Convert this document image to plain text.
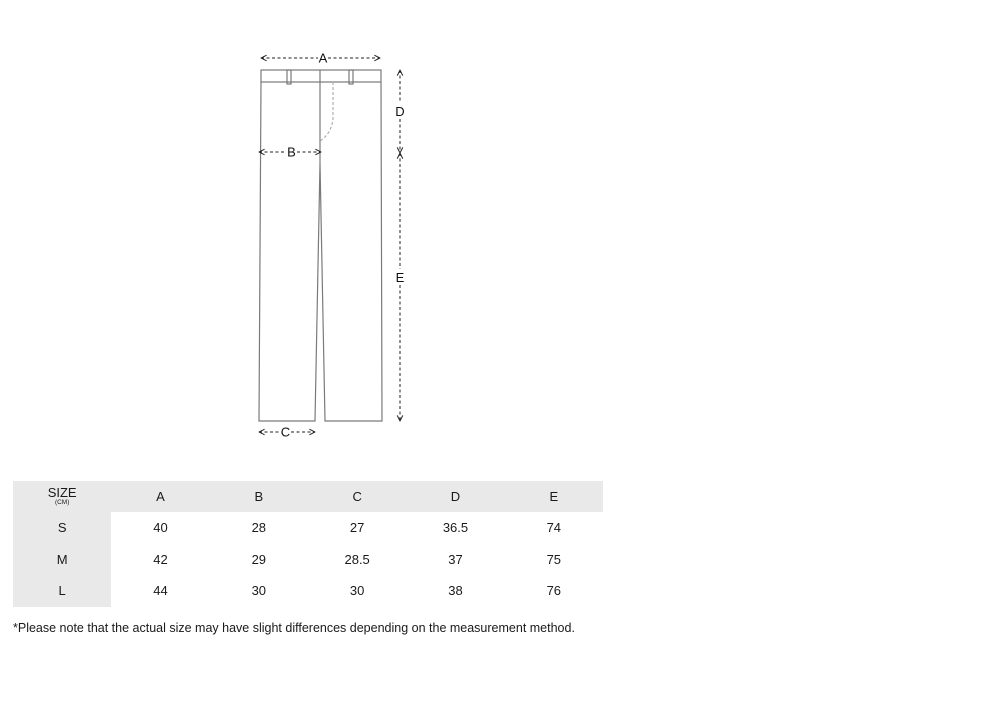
A
B
C
D
E
SIZE
(CM)	A	B	C	D	E
S	40	28	27	36.5	74
M	42	29	28.5	37	75
L	44	30	30	38	76
*Please note that the actual size may have slight differences depending on the measurement method.
